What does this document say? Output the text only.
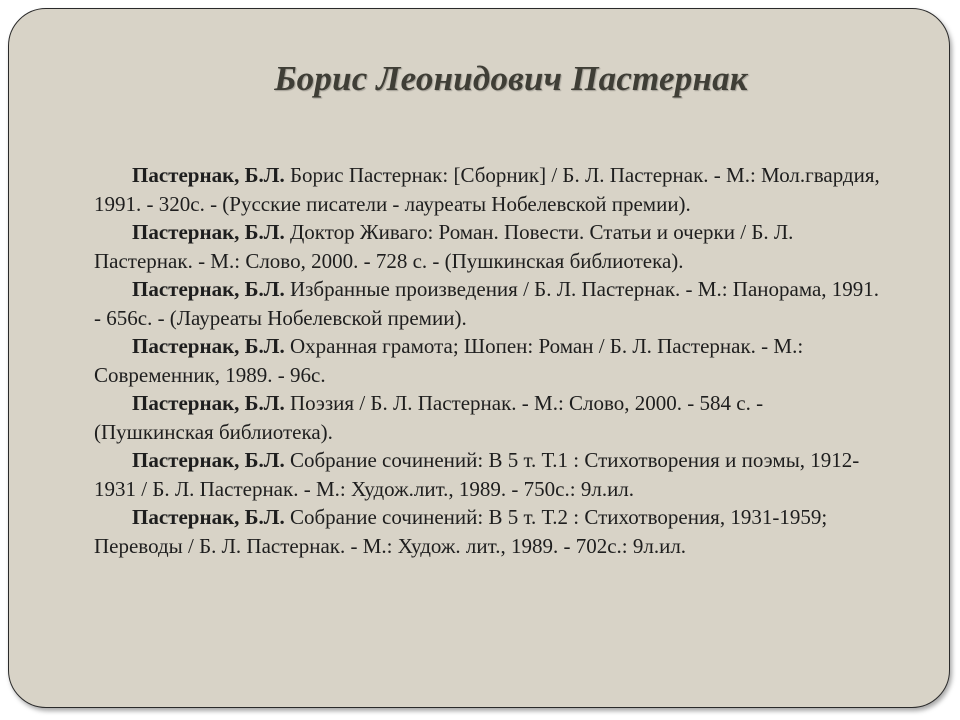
Борис Леонидович Пастернак

Пастернак, Б.Л. Борис Пастернак: [Сборник] / Б. Л. Пастернак. - М.: Мол.гвардия, 1991. - 320с. - (Русские писатели - лауреаты Нобелевской премии).

Пастернак, Б.Л. Доктор Живаго: Роман. Повести. Статьи и очерки / Б. Л. Пастернак. - М.: Слово, 2000. - 728 с. - (Пушкинская библиотека).

Пастернак, Б.Л. Избранные произведения / Б. Л. Пастернак. - М.: Панорама, 1991. - 656с. - (Лауреаты Нобелевской премии).

Пастернак, Б.Л. Охранная грамота; Шопен: Роман / Б. Л. Пастернак. - М.: Современник, 1989. - 96с.

Пастернак, Б.Л. Поэзия / Б. Л. Пастернак. - М.: Слово, 2000. - 584 с. - (Пушкинская библиотека).

Пастернак, Б.Л. Собрание сочинений: В 5 т. Т.1 : Стихотворения и поэмы, 1912-1931 / Б. Л. Пастернак. - М.: Худож.лит., 1989. - 750с.: 9л.ил.

Пастернак, Б.Л. Собрание сочинений: В 5 т. Т.2 : Стихотворения, 1931-1959; Переводы / Б. Л. Пастернак. - М.: Худож. лит., 1989. - 702с.: 9л.ил.
